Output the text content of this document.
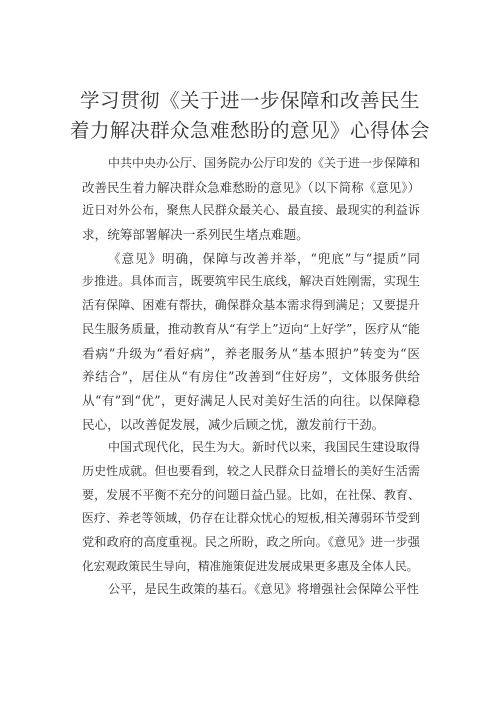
学习贯彻《关于进一步保障和改善民生
着力解决群众急难愁盼的意见》心得体会
中共中央办公厅、国务院办公厅印发的《关于进一步保障和
改善民生着力解决群众急难愁盼的意见》（以下简称《意见》）
近日对外公布，聚焦人民群众最关心、最直接、最现实的利益诉
求，统筹部署解决一系列民生堵点难题。
《意见》明确，保障与改善并举，“兜底”与“提质”同
步推进。具体而言，既要筑牢民生底线，解决百姓刚需，实现生
活有保障、困难有帮扶，确保群众基本需求得到满足；又要提升
民生服务质量，推动教育从“有学上”迈向“上好学”，医疗从“能
看病”升级为“看好病”，养老服务从“基本照护”转变为“医
养结合”，居住从“有房住”改善到“住好房”，文体服务供给
从“有”到“优”，更好满足人民对美好生活的向往。以保障稳
民心，以改善促发展，减少后顾之忧，激发前行干劲。
中国式现代化，民生为大。新时代以来，我国民生建设取得
历史性成就。但也要看到，较之人民群众日益增长的美好生活需
要，发展不平衡不充分的问题日益凸显。比如，在社保、教育、
医疗、养老等领域，仍存在让群众忧心的短板,相关薄弱环节受到
党和政府的高度重视。民之所盼，政之所向。《意见》进一步强
化宏观政策民生导向，精准施策促进发展成果更多惠及全体人民。
公平，是民生政策的基石。《意见》将增强社会保障公平性
